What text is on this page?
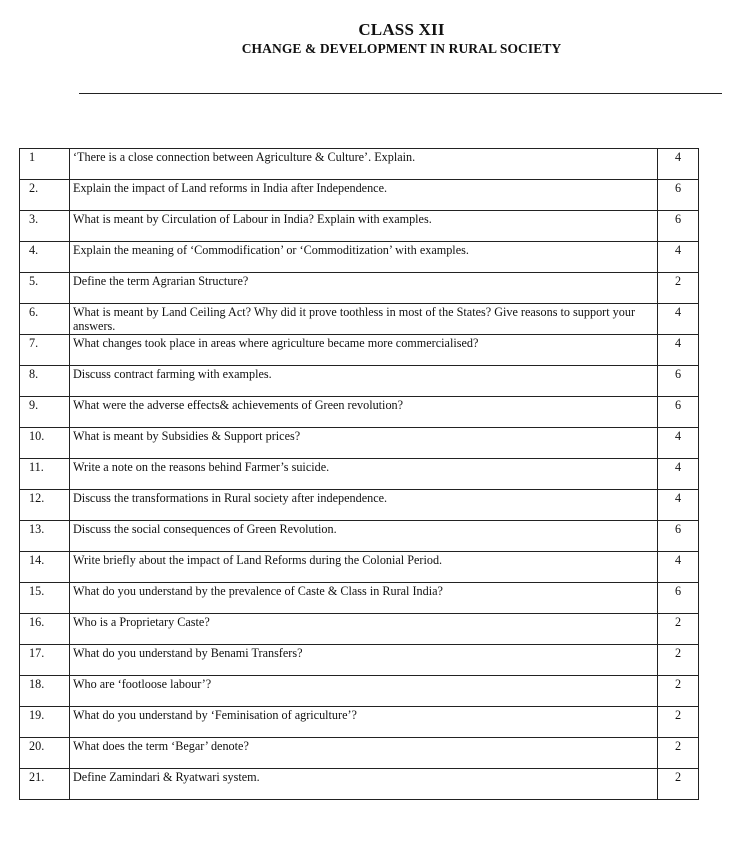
CLASS XII
CHANGE & DEVELOPMENT IN RURAL SOCIETY
1	‘There is a close connection between Agriculture & Culture’. Explain.	4
2.	Explain the impact of Land reforms in India after Independence.	6
3.	What is meant by Circulation of Labour in India? Explain with examples.	6
4.	Explain the meaning of ‘Commodification’ or ‘Commoditization’ with examples.	4
5.	Define the term Agrarian Structure?	2
6.	What is meant by Land Ceiling Act? Why did it prove toothless in most of the States? Give reasons to support your answers.	4
7.	What changes took place in areas where agriculture became more commercialised?	4
8.	Discuss contract farming with examples.	6
9.	What were the adverse effects& achievements of Green revolution?	6
10.	What is meant by Subsidies & Support prices?	4
11.	Write a note on the reasons behind Farmer’s suicide.	4
12.	Discuss the transformations in Rural society after independence.	4
13.	Discuss the social consequences of Green Revolution.	6
14.	Write briefly about the impact of Land Reforms during the Colonial Period.	4
15.	What do you understand by the prevalence of Caste & Class in Rural India?	6
16.	Who is a Proprietary Caste?	2
17.	What do you understand by Benami Transfers?	2
18.	Who are ‘footloose labour’?	2
19.	What do you understand by ‘Feminisation of agriculture’?	2
20.	What does the term ‘Begar’ denote?	2
21.	Define Zamindari & Ryatwari system.	2
